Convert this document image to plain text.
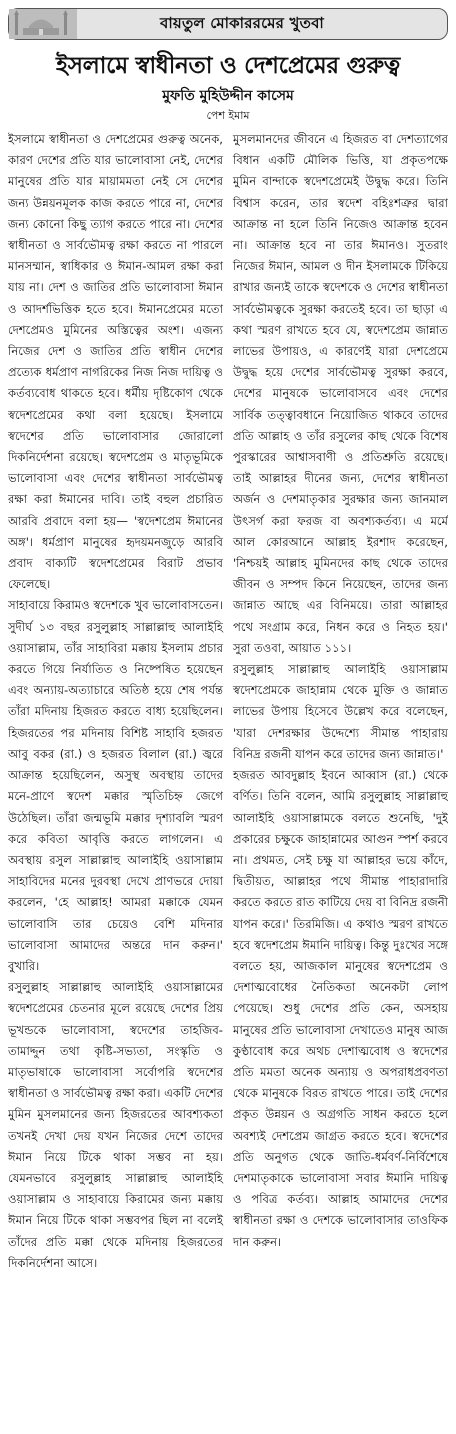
বায়তুল মোকাররমের খুতবা
ইসলামে স্বাধীনতা ও দেশপ্রেমের গুরুত্ব
মুফতি মুহিউদ্দীন কাসেম
পেশ ইমাম

ইসলামে স্বাধীনতা ও দেশপ্রেমের গুরুত্ব অনেক, কারণ দেশের প্রতি যার ভালোবাসা নেই, দেশের মানুষের প্রতি যার মায়ামমতা নেই সে দেশের জন্য উন্নয়নমূলক কাজ করতে পারে না, দেশের জন্য কোনো কিছু ত্যাগ করতে পারে না। দেশের স্বাধীনতা ও সার্বভৌমত্ব রক্ষা করতে না পারলে মানসম্মান, স্বাধিকার ও ঈমান-আমল রক্ষা করা যায় না। দেশ ও জাতির প্রতি ভালোবাসা ঈমান ও আদর্শভিত্তিক হতে হবে। ঈমানপ্রেমের মতো দেশপ্রেমও মুমিনের অস্তিত্বের অংশ। এজন্য নিজের দেশ ও জাতির প্রতি স্বাধীন দেশের প্রত্যেক ধর্মপ্রাণ নাগরিকের নিজ নিজ দায়িত্ব ও কর্তব্যবোধ থাকতে হবে। ধর্মীয় দৃষ্টিকোণ থেকে স্বদেশপ্রেমের কথা বলা হয়েছে। ইসলামে স্বদেশের প্রতি ভালোবাসার জোরালো দিকনির্দেশনা রয়েছে। স্বদেশপ্রেম ও মাতৃভূমিকে ভালোবাসা এবং দেশের স্বাধীনতা সার্বভৌমত্ব রক্ষা করা ঈমানের দাবি। তাই বহুল প্রচারিত আরবি প্রবাদে বলা হয়— 'স্বদেশপ্রেম ঈমানের অঙ্গ'। ধর্মপ্রাণ মানুষের হৃদয়মনজুড়ে আরবি প্রবাদ বাক্যটি স্বদেশপ্রেমের বিরাট প্রভাব ফেলেছে।

সাহাবায়ে কিরামও স্বদেশকে খুব ভালোবাসতেন। সুদীর্ঘ ১৩ বছর রসুলুল্লাহ সাল্লাল্লাহু আলাইহি ওয়াসাল্লাম, তাঁর সাহাবিরা মক্কায় ইসলাম প্রচার করতে গিয়ে নির্যাতিত ও নিষ্পেষিত হয়েছেন এবং অন্যায়-অত্যাচারে অতিষ্ঠ হয়ে শেষ পর্যন্ত তাঁরা মদিনায় হিজরত করতে বাধ্য হয়েছিলেন। হিজরতের পর মদিনায় বিশিষ্ট সাহাবি হজরত আবু বকর (রা.) ও হজরত বিলাল (রা.) জ্বরে আক্রান্ত হয়েছিলেন, অসুস্থ অবস্থায় তাদের মনে-প্রাণে স্বদেশ মক্কার স্মৃতিচিহ্ন জেগে উঠেছিল। তাঁরা জন্মভূমি মক্কার দৃশ্যাবলি স্মরণ করে কবিতা আবৃত্তি করতে লাগলেন। এ অবস্থায় রসুল সাল্লাল্লাহু আলাইহি ওয়াসাল্লাম সাহাবিদের মনের দুরবস্থা দেখে প্রাণভরে দোয়া করলেন, 'হে আল্লাহ! আমরা মক্কাকে যেমন ভালোবাসি তার চেয়েও বেশি মদিনার ভালোবাসা আমাদের অন্তরে দান করুন।' বুখারি।

রসুলুল্লাহ সাল্লাল্লাহু আলাইহি ওয়াসাল্লামের স্বদেশপ্রেমের চেতনার মূলে রয়েছে দেশের প্রিয় ভূখন্ডকে ভালোবাসা, স্বদেশের তাহজিব-তামাদ্দুন তথা কৃষ্টি-সভ্যতা, সংস্কৃতি ও মাতৃভাষাকে ভালোবাসা সর্বোপরি স্বদেশের স্বাধীনতা ও সার্বভৌমত্ব রক্ষা করা। একটি দেশের মুমিন মুসলমানের জন্য হিজরতের আবশ্যকতা তখনই দেখা দেয় যখন নিজের দেশে তাদের ঈমান নিয়ে টিকে থাকা সম্ভব না হয়। যেমনভাবে রসুলুল্লাহ সাল্লাল্লাহু আলাইহি ওয়াসাল্লাম ও সাহাবায়ে কিরামের জন্য মক্কায় ঈমান নিয়ে টিকে থাকা সম্ভবপর ছিল না বলেই তাঁদের প্রতি মক্কা থেকে মদিনায় হিজরতের দিকনির্দেশনা আসে।

মুসলমানদের জীবনে এ হিজরত বা দেশত্যাগের বিধান একটি মৌলিক ভিত্তি, যা প্রকৃতপক্ষে মুমিন বান্দাকে স্বদেশপ্রেমেই উদ্বুদ্ধ করে। তিনি বিশ্বাস করেন, তার স্বদেশ বহিঃশত্রুর দ্বারা আক্রান্ত না হলে তিনি নিজেও আক্রান্ত হবেন না। আক্রান্ত হবে না তার ঈমানও। সুতরাং নিজের ঈমান, আমল ও দীন ইসলামকে টিকিয়ে রাখার জন্যই তাকে স্বদেশকে ও দেশের স্বাধীনতা সার্বভৌমত্বকে সুরক্ষা করতেই হবে। তা ছাড়া এ কথা স্মরণ রাখতে হবে যে, স্বদেশপ্রেম জান্নাত লাভের উপায়ও, এ কারণেই যারা দেশপ্রেমে উদ্বুদ্ধ হয়ে দেশের সার্বভৌমত্ব সুরক্ষা করবে, দেশের মানুষকে ভালোবাসবে এবং দেশের সার্বিক তত্ত্বাবধানে নিয়োজিত থাকবে তাদের প্রতি আল্লাহ ও তাঁর রসুলের কাছ থেকে বিশেষ পুরস্কারের আশ্বাসবাণী ও প্রতিশ্রুতি রয়েছে। তাই আল্লাহর দীনের জন্য, দেশের স্বাধীনতা অর্জন ও দেশমাতৃকার সুরক্ষার জন্য জানমাল উৎসর্গ করা ফরজ বা অবশ্যকর্তব্য। এ মর্মে আল কোরআনে আল্লাহ ইরশাদ করেছেন, 'নিশ্চয়ই আল্লাহ মুমিনদের কাছ থেকে তাদের জীবন ও সম্পদ কিনে নিয়েছেন, তাদের জন্য জান্নাত আছে এর বিনিময়ে। তারা আল্লাহর পথে সংগ্রাম করে, নিধন করে ও নিহত হয়।' সুরা তওবা, আয়াত ১১১।

রসুলুল্লাহ সাল্লাল্লাহু আলাইহি ওয়াসাল্লাম স্বদেশপ্রেমকে জাহান্নাম থেকে মুক্তি ও জান্নাত লাভের উপায় হিসেবে উল্লেখ করে বলেছেন, 'যারা দেশরক্ষার উদ্দেশ্যে সীমান্ত পাহারায় বিনিদ্র রজনী যাপন করে তাদের জন্য জান্নাত।'

হজরত আবদুল্লাহ ইবনে আব্বাস (রা.) থেকে বর্ণিত। তিনি বলেন, আমি রসুলুল্লাহ সাল্লাল্লাহু আলাইহি ওয়াসাল্লামকে বলতে শুনেছি, 'দুই প্রকারের চক্ষুকে জাহান্নামের আগুন স্পর্শ করবে না। প্রথমত, সেই চক্ষু যা আল্লাহর ভয়ে কাঁদে, দ্বিতীয়ত, আল্লাহর পথে সীমান্ত পাহারাদারি করতে করতে রাত কাটিয়ে দেয় বা বিনিদ্র রজনী যাপন করে।' তিরমিজি। এ কথাও স্মরণ রাখতে হবে স্বদেশপ্রেম ঈমানি দায়িত্ব। কিন্তু দুঃখের সঙ্গে বলতে হয়, আজকাল মানুষের স্বদেশপ্রেম ও দেশাত্মবোধের নৈতিকতা অনেকটা লোপ পেয়েছে। শুধু দেশের প্রতি কেন, অসহায় মানুষের প্রতি ভালোবাসা দেখাতেও মানুষ আজ কুণ্ঠাবোধ করে অথচ দেশাত্মবোধ ও স্বদেশের প্রতি মমতা অনেক অন্যায় ও অপরাধপ্রবণতা থেকে মানুষকে বিরত রাখতে পারে। তাই দেশের প্রকৃত উন্নয়ন ও অগ্রগতি সাধন করতে হলে অবশ্যই দেশপ্রেম জাগ্রত করতে হবে। স্বদেশের প্রতি অনুগত থেকে জাতি-ধর্মবর্ণ-নির্বিশেষে দেশমাতৃকাকে ভালোবাসা সবার ঈমানি দায়িত্ব ও পবিত্র কর্তব্য। আল্লাহ আমাদের দেশের স্বাধীনতা রক্ষা ও দেশকে ভালোবাসার তাওফিক দান করুন।
